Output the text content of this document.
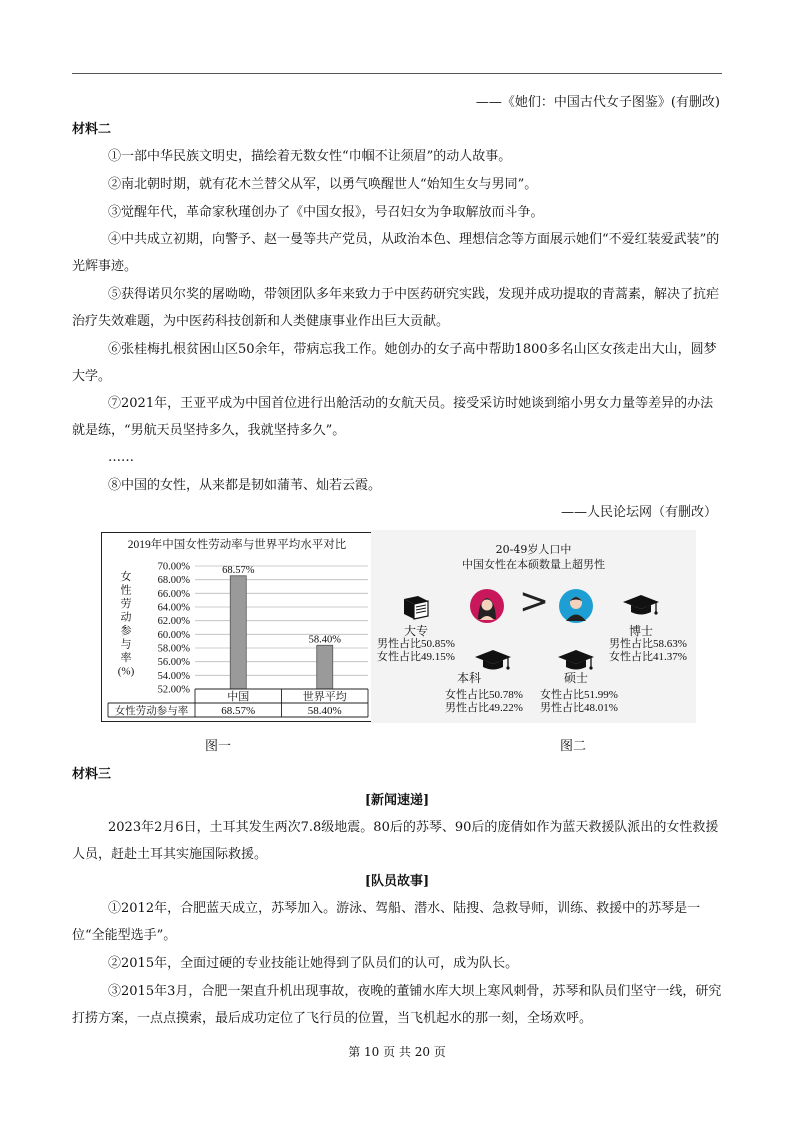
——《她们：中国古代女子图鉴》(有删改)
材料二
①一部中华民族文明史，描绘着无数女性“巾帼不让须眉”的动人故事。
②南北朝时期，就有花木兰替父从军，以勇气唤醒世人“始知生女与男同”。
③觉醒年代，革命家秋瑾创办了《中国女报》，号召妇女为争取解放而斗争。
④中共成立初期，向警予、赵一曼等共产党员，从政治本色、理想信念等方面展示她们“不爱红装爱武装”的光辉事迹。
⑤获得诺贝尔奖的屠呦呦，带领团队多年来致力于中医药研究实践，发现并成功提取的青蒿素，解决了抗疟治疗失效难题，为中医药科技创新和人类健康事业作出巨大贡献。
⑥张桂梅扎根贫困山区50余年，带病忘我工作。她创办的女子高中帮助1800多名山区女孩走出大山，圆梦大学。
⑦2021年，王亚平成为中国首位进行出舱活动的女航天员。接受采访时她谈到缩小男女力量等差异的办法就是练，“男航天员坚持多久，我就坚持多久”。
……
⑧中国的女性，从来都是韧如蒲苇、灿若云霞。
——人民论坛网（有删改）
2019年中国女性劳动率与世界平均水平对比
女
性
劳
动
参
与
率
(%)
70.00%
68.00%
66.00%
64.00%
62.00%
60.00%
58.00%
56.00%
54.00%
52.00%
68.57%
58.40%
中国
68.57%
世界平均
58.40%
女性劳动参与率
20-49岁人口中
中国女性在本硕数量上超男性
>
博士
男性占比58.63%
女性占比41.37%
大专
男性占比50.85%
女性占比49.15%
本科
女性占比50.78%
男性占比49.22%
硕士
女性占比51.99%
男性占比48.01%
图一	图二
材料三
[新闻速递]
2023年2月6日，土耳其发生两次7.8级地震。80后的苏琴、90后的庞倩如作为蓝天救援队派出的女性救援人员，赶赴土耳其实施国际救援。
[队员故事]
①2012年，合肥蓝天成立，苏琴加入。游泳、驾船、潜水、陆搜、急救导师，训练、救援中的苏琴是一位“全能型选手”。
②2015年，全面过硬的专业技能让她得到了队员们的认可，成为队长。
③2015年3月，合肥一架直升机出现事故，夜晚的董铺水库大坝上寒风刺骨，苏琴和队员们坚守一线，研究打捞方案，一点点摸索，最后成功定位了飞行员的位置，当飞机起水的那一刻，全场欢呼。
第 10 页 共 20 页
